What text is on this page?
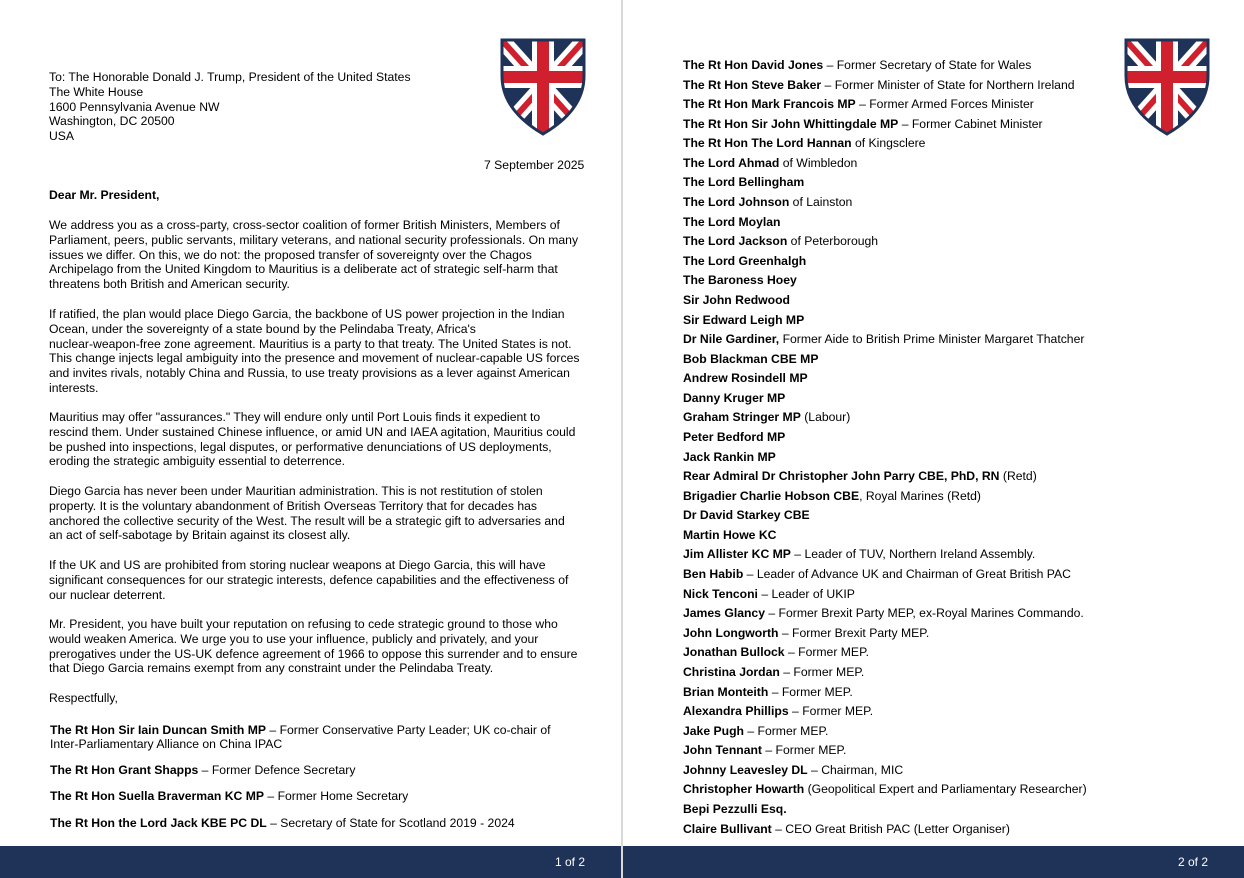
To: The Honorable Donald J. Trump, President of the United States
The White House
1600 Pennsylvania Avenue NW
Washington, DC 20500
USA
7 September 2025
Dear Mr. President,
We address you as a cross-party, cross-sector coalition of former British Ministers, Members of
Parliament, peers, public servants, military veterans, and national security professionals. On many
issues we differ. On this, we do not: the proposed transfer of sovereignty over the Chagos
Archipelago from the United Kingdom to Mauritius is a deliberate act of strategic self-harm that
threatens both British and American security.
If ratified, the plan would place Diego Garcia, the backbone of US power projection in the Indian
Ocean, under the sovereignty of a state bound by the Pelindaba Treaty, Africa's
nuclear-weapon-free zone agreement. Mauritius is a party to that treaty. The United States is not.
This change injects legal ambiguity into the presence and movement of nuclear-capable US forces
and invites rivals, notably China and Russia, to use treaty provisions as a lever against American
interests.
Mauritius may offer "assurances." They will endure only until Port Louis finds it expedient to
rescind them. Under sustained Chinese influence, or amid UN and IAEA agitation, Mauritius could
be pushed into inspections, legal disputes, or performative denunciations of US deployments,
eroding the strategic ambiguity essential to deterrence.
Diego Garcia has never been under Mauritian administration. This is not restitution of stolen
property. It is the voluntary abandonment of British Overseas Territory that for decades has
anchored the collective security of the West. The result will be a strategic gift to adversaries and
an act of self-sabotage by Britain against its closest ally.
If the UK and US are prohibited from storing nuclear weapons at Diego Garcia, this will have
significant consequences for our strategic interests, defence capabilities and the effectiveness of
our nuclear deterrent.
Mr. President, you have built your reputation on refusing to cede strategic ground to those who
would weaken America. We urge you to use your influence, publicly and privately, and your
prerogatives under the US-UK defence agreement of 1966 to oppose this surrender and to ensure
that Diego Garcia remains exempt from any constraint under the Pelindaba Treaty.
Respectfully,
The Rt Hon Sir Iain Duncan Smith MP – Former Conservative Party Leader; UK co-chair of
Inter-Parliamentary Alliance on China IPAC
The Rt Hon Grant Shapps – Former Defence Secretary
The Rt Hon Suella Braverman KC MP – Former Home Secretary
The Rt Hon the Lord Jack KBE PC DL – Secretary of State for Scotland 2019 - 2024
1 of 2
The Rt Hon David Jones – Former Secretary of State for Wales
The Rt Hon Steve Baker – Former Minister of State for Northern Ireland
The Rt Hon Mark Francois MP – Former Armed Forces Minister
The Rt Hon Sir John Whittingdale MP – Former Cabinet Minister
The Rt Hon The Lord Hannan of Kingsclere
The Lord Ahmad of Wimbledon
The Lord Bellingham
The Lord Johnson of Lainston
The Lord Moylan
The Lord Jackson of Peterborough
The Lord Greenhalgh
The Baroness Hoey
Sir John Redwood
Sir Edward Leigh MP
Dr Nile Gardiner, Former Aide to British Prime Minister Margaret Thatcher
Bob Blackman CBE MP
Andrew Rosindell MP
Danny Kruger MP
Graham Stringer MP (Labour)
Peter Bedford MP
Jack Rankin MP
Rear Admiral Dr Christopher John Parry CBE, PhD, RN (Retd)
Brigadier Charlie Hobson CBE, Royal Marines (Retd)
Dr David Starkey CBE
Martin Howe KC
Jim Allister KC MP – Leader of TUV, Northern Ireland Assembly.
Ben Habib – Leader of Advance UK and Chairman of Great British PAC
Nick Tenconi – Leader of UKIP
James Glancy – Former Brexit Party MEP, ex-Royal Marines Commando.
John Longworth – Former Brexit Party MEP.
Jonathan Bullock – Former MEP.
Christina Jordan – Former MEP.
Brian Monteith – Former MEP.
Alexandra Phillips – Former MEP.
Jake Pugh – Former MEP.
John Tennant – Former MEP.
Johnny Leavesley DL – Chairman, MIC
Christopher Howarth (Geopolitical Expert and Parliamentary Researcher)
Bepi Pezzulli Esq.
Claire Bullivant – CEO Great British PAC (Letter Organiser)
2 of 2
